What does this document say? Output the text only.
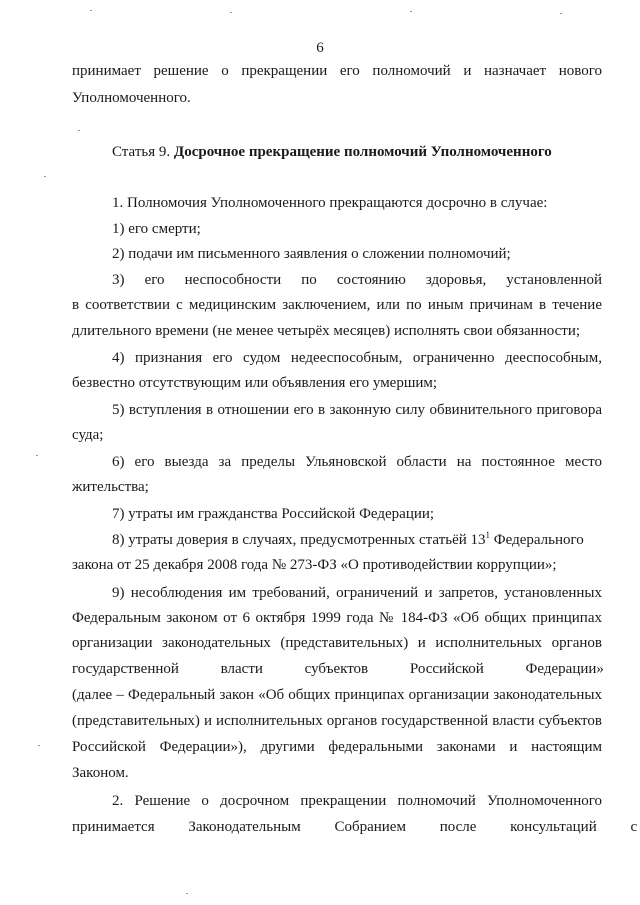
6
принимает решение о прекращении его полномочий и назначает нового
Уполномоченного.
Статья 9. Досрочное прекращение полномочий Уполномоченного
1. Полномочия Уполномоченного прекращаются досрочно в случае:
1) его смерти;
2) подачи им письменного заявления о сложении полномочий;
3) его неспособности по состоянию здоровья, установленной
в соответствии с медицинским заключением, или по иным причинам в течение
длительного времени (не менее четырёх месяцев) исполнять свои обязанности;
4) признания его судом недееспособным, ограниченно дееспособным,
безвестно отсутствующим или объявления его умершим;
5) вступления в отношении его в законную силу обвинительного приговора
суда;
6) его выезда за пределы Ульяновской области на постоянное место
жительства;
7) утраты им гражданства Российской Федерации;
8) утраты доверия в случаях, предусмотренных статьёй $13^1$ Федерального
закона от 25 декабря 2008 года № 273-ФЗ «О противодействии коррупции»;
9) несоблюдения им требований, ограничений и запретов, установленных
Федеральным законом от 6 октября 1999 года № 184-ФЗ «Об общих принципах
организации законодательных (представительных) и исполнительных органов
государственной власти субъектов Российской Федерации»
(далее – Федеральный закон «Об общих принципах организации законодательных
(представительных) и исполнительных органов государственной власти субъектов
Российской Федерации»), другими федеральными законами и настоящим
Законом.
2. Решение о досрочном прекращении полномочий Уполномоченного
принимается Законодательным Собранием после консультаций с
